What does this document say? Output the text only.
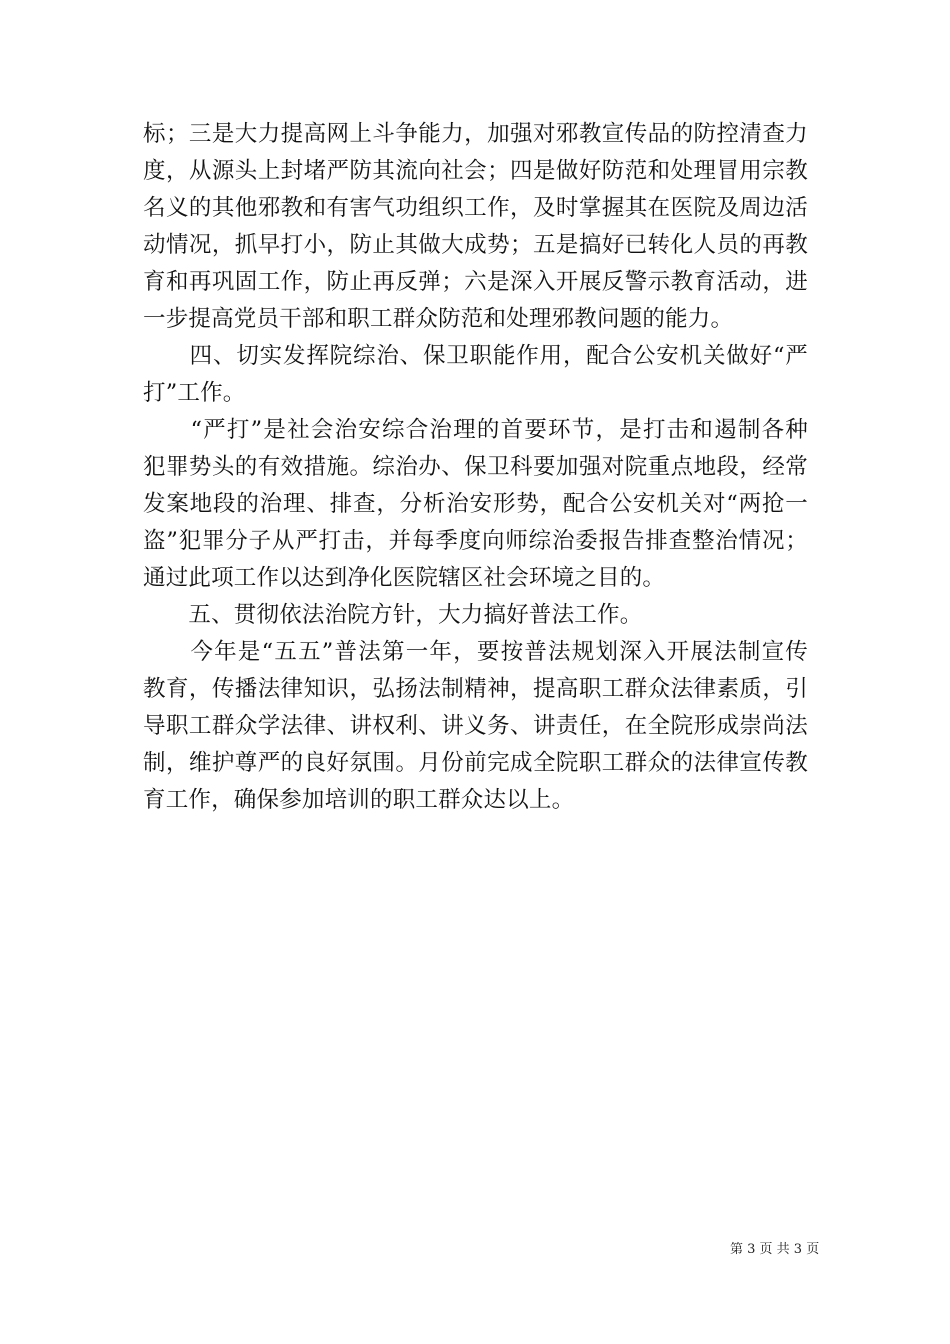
标；三是大力提高网上斗争能力，加强对邪教宣传品的防控清查力
度，从源头上封堵严防其流向社会；四是做好防范和处理冒用宗教
名义的其他邪教和有害气功组织工作，及时掌握其在医院及周边活
动情况，抓早打小，防止其做大成势；五是搞好已转化人员的再教
育和再巩固工作，防止再反弹；六是深入开展反警示教育活动，进
一步提高党员干部和职工群众防范和处理邪教问题的能力。
　　四、切实发挥院综治、保卫职能作用，配合公安机关做好“严
打”工作。
　　“严打”是社会治安综合治理的首要环节，是打击和遏制各种
犯罪势头的有效措施。综治办、保卫科要加强对院重点地段，经常
发案地段的治理、排查，分析治安形势，配合公安机关对“两抢一
盗”犯罪分子从严打击，并每季度向师综治委报告排查整治情况；
通过此项工作以达到净化医院辖区社会环境之目的。
　　五、贯彻依法治院方针，大力搞好普法工作。
　　今年是“五五”普法第一年，要按普法规划深入开展法制宣传
教育，传播法律知识，弘扬法制精神，提高职工群众法律素质，引
导职工群众学法律、讲权利、讲义务、讲责任，在全院形成崇尚法
制，维护尊严的良好氛围。月份前完成全院职工群众的法律宣传教
育工作，确保参加培训的职工群众达以上。
第 3 页 共 3 页
